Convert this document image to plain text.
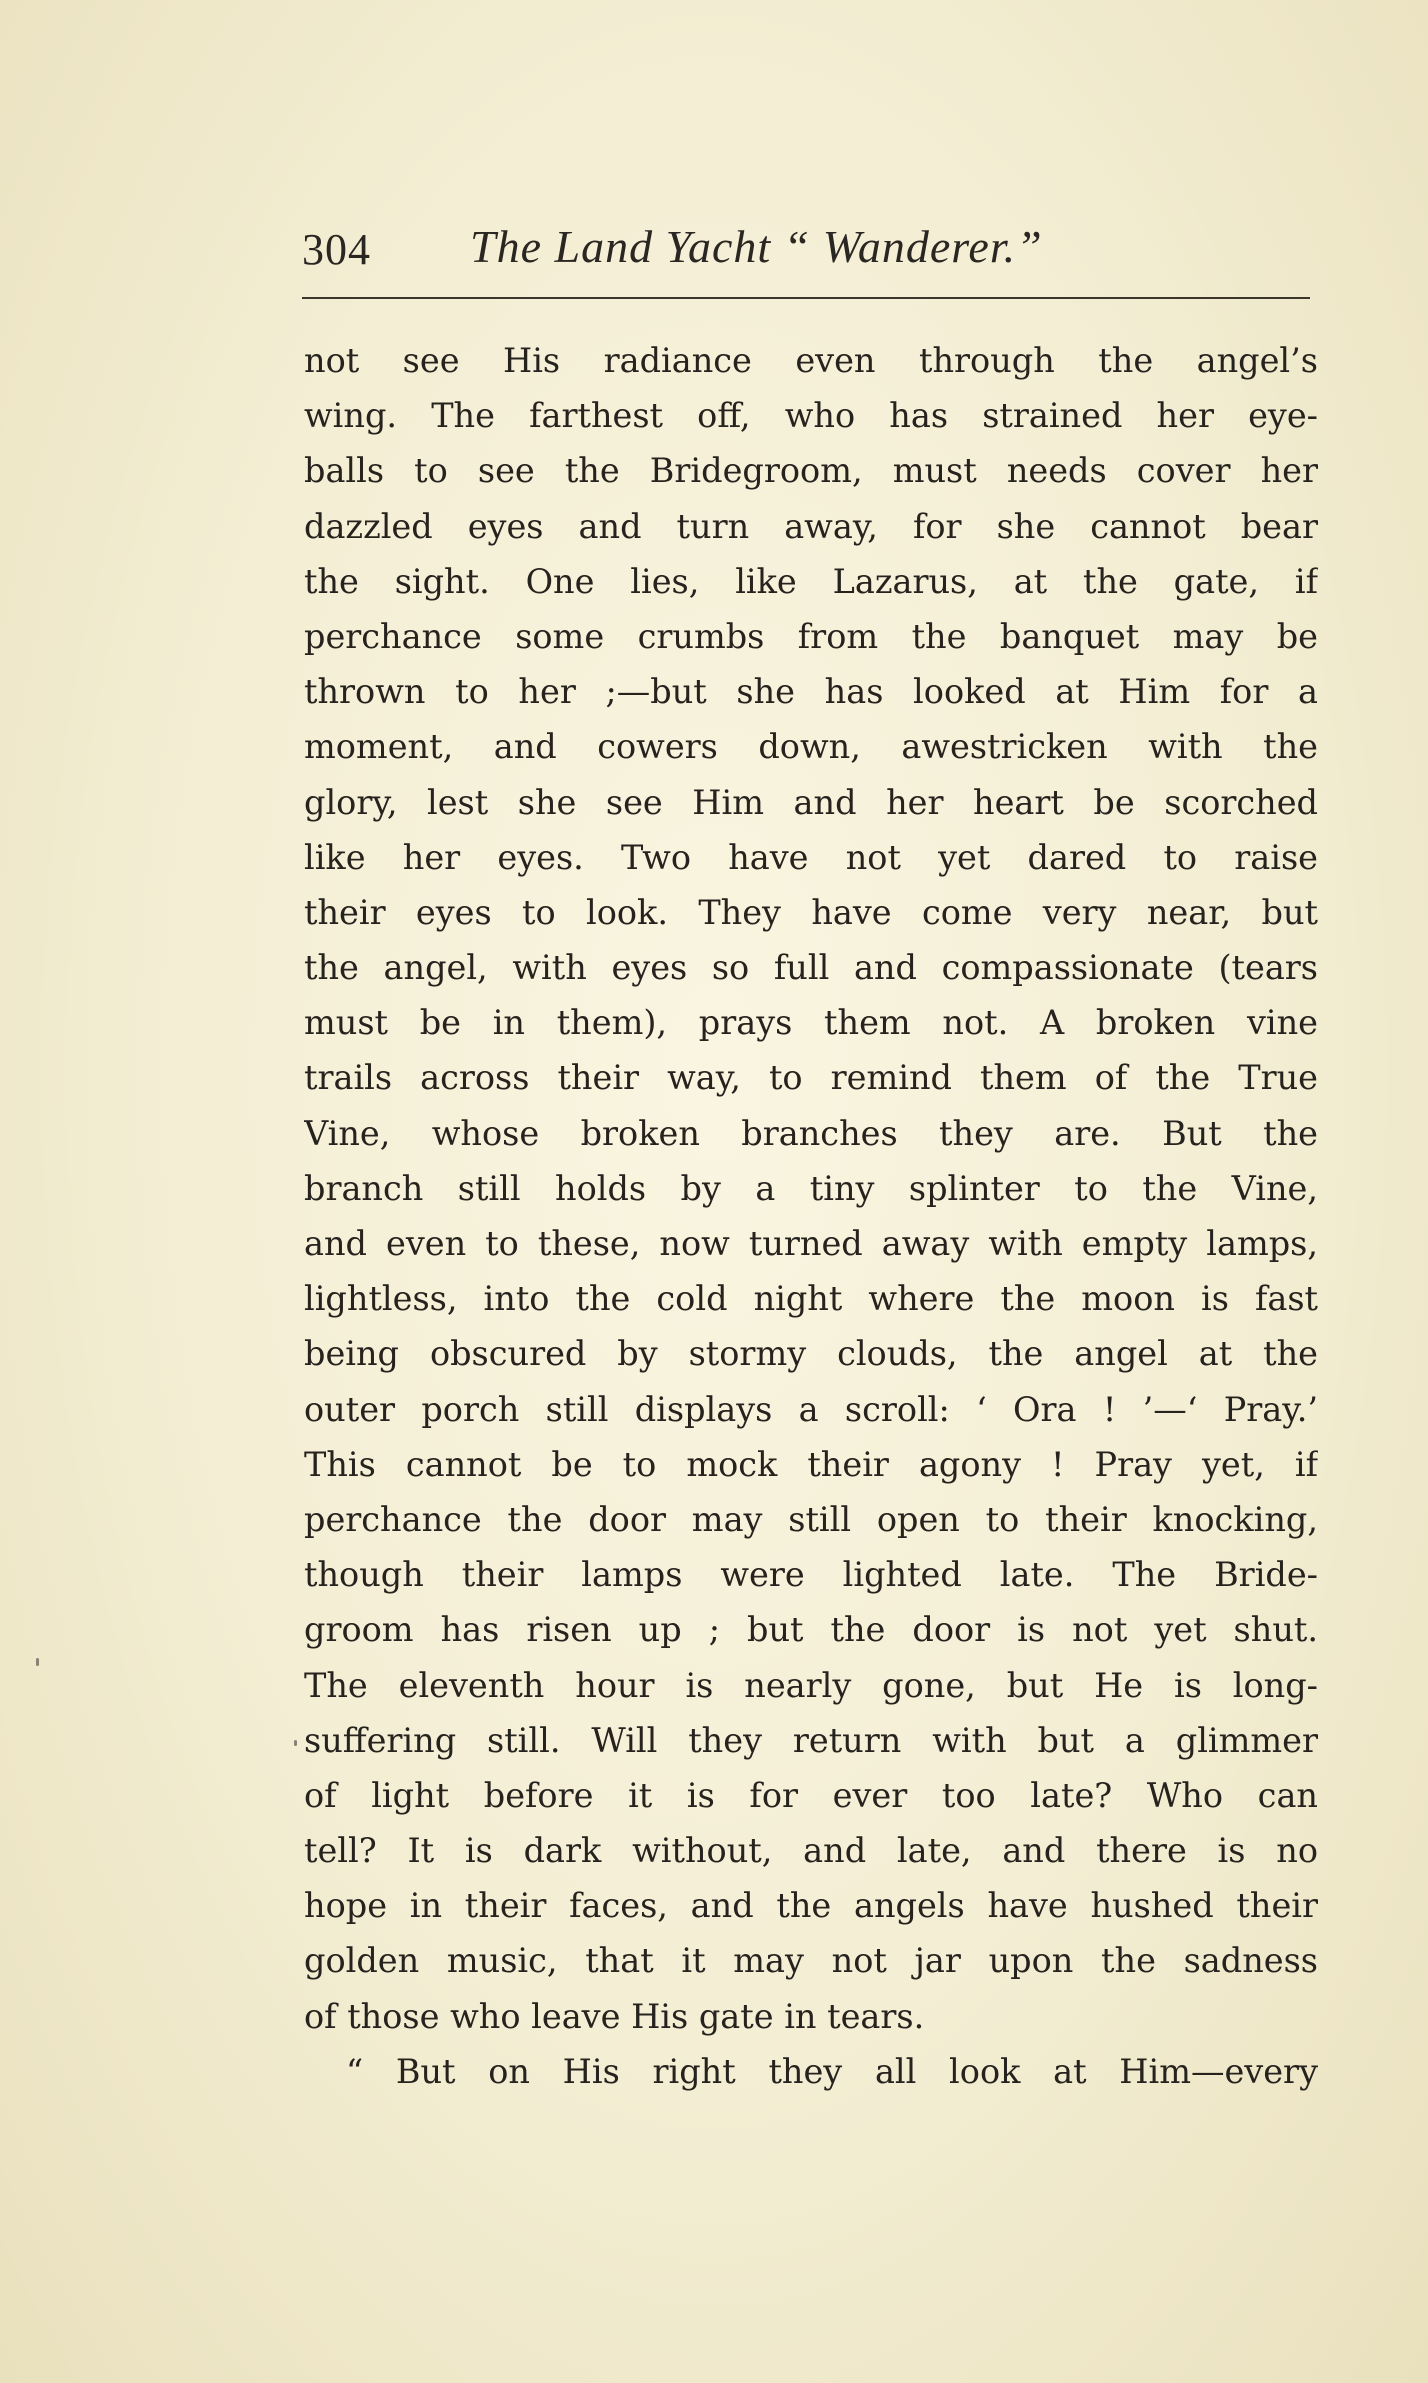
304 The Land Yacht “ Wanderer.”
not see His radiance even through the angel’s
wing. The farthest off, who has strained her eye-
balls to see the Bridegroom, must needs cover her
dazzled eyes and turn away, for she cannot bear
the sight. One lies, like Lazarus, at the gate, if
perchance some crumbs from the banquet may be
thrown to her ;—but she has looked at Him for a
moment, and cowers down, awestricken with the
glory, lest she see Him and her heart be scorched
like her eyes. Two have not yet dared to raise
their eyes to look. They have come very near, but
the angel, with eyes so full and compassionate (tears
must be in them), prays them not. A broken vine
trails across their way, to remind them of the True
Vine, whose broken branches they are. But the
branch still holds by a tiny splinter to the Vine,
and even to these, now turned away with empty lamps,
lightless, into the cold night where the moon is fast
being obscured by stormy clouds, the angel at the
outer porch still displays a scroll: ‘ Ora ! ’—‘ Pray.’
This cannot be to mock their agony ! Pray yet, if
perchance the door may still open to their knocking,
though their lamps were lighted late. The Bride-
groom has risen up ; but the door is not yet shut.
The eleventh hour is nearly gone, but He is long-
suffering still. Will they return with but a glimmer
of light before it is for ever too late? Who can
tell? It is dark without, and late, and there is no
hope in their faces, and the angels have hushed their
golden music, that it may not jar upon the sadness
of those who leave His gate in tears.
“ But on His right they all look at Him—every
